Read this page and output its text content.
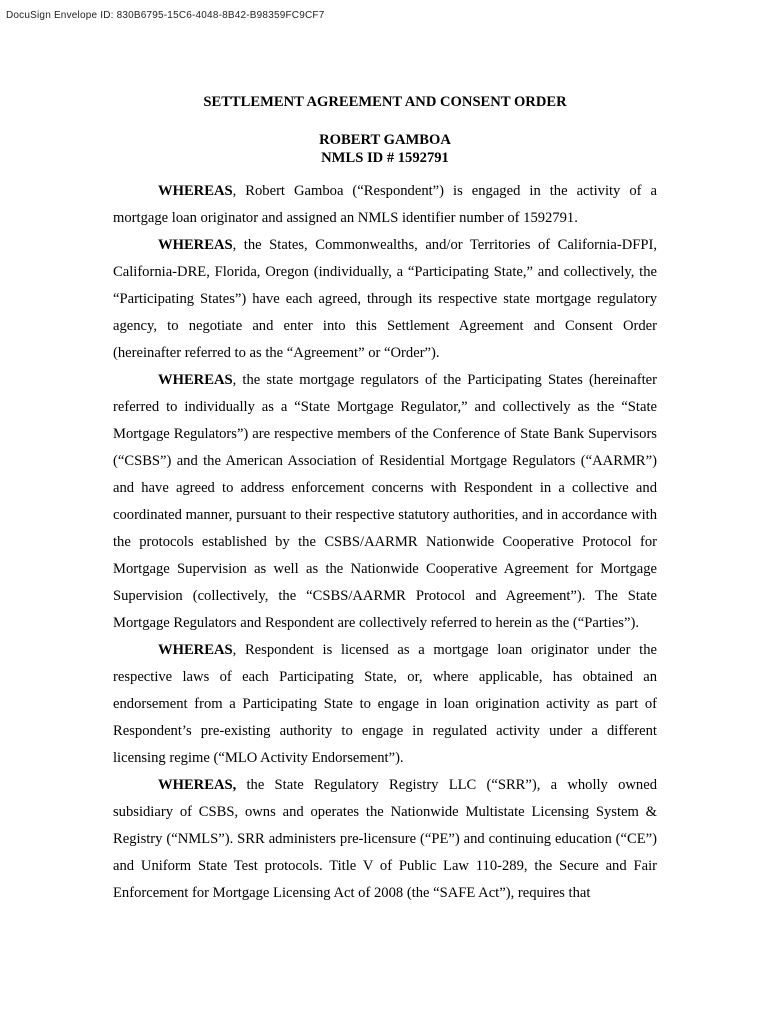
DocuSign Envelope ID: 830B6795-15C6-4048-8B42-B98359FC9CF7
SETTLEMENT AGREEMENT AND CONSENT ORDER
ROBERT GAMBOA
NMLS ID # 1592791

WHEREAS, Robert Gamboa (“Respondent”) is engaged in the activity of a mortgage loan originator and assigned an NMLS identifier number of 1592791.

WHEREAS, the States, Commonwealths, and/or Territories of California-DFPI, California-DRE, Florida, Oregon (individually, a “Participating State,” and collectively, the “Participating States”) have each agreed, through its respective state mortgage regulatory agency, to negotiate and enter into this Settlement Agreement and Consent Order (hereinafter referred to as the “Agreement” or “Order”).

WHEREAS, the state mortgage regulators of the Participating States (hereinafter referred to individually as a “State Mortgage Regulator,” and collectively as the “State Mortgage Regulators”) are respective members of the Conference of State Bank Supervisors (“CSBS”) and the American Association of Residential Mortgage Regulators (“AARMR”) and have agreed to address enforcement concerns with Respondent in a collective and coordinated manner, pursuant to their respective statutory authorities, and in accordance with the protocols established by the CSBS/AARMR Nationwide Cooperative Protocol for Mortgage Supervision as well as the Nationwide Cooperative Agreement for Mortgage Supervision (collectively, the “CSBS/AARMR Protocol and Agreement”). The State Mortgage Regulators and Respondent are collectively referred to herein as the (“Parties”).

WHEREAS, Respondent is licensed as a mortgage loan originator under the respective laws of each Participating State, or, where applicable, has obtained an endorsement from a Participating State to engage in loan origination activity as part of Respondent’s pre-existing authority to engage in regulated activity under a different licensing regime (“MLO Activity Endorsement”).

WHEREAS, the State Regulatory Registry LLC (“SRR”), a wholly owned subsidiary of CSBS, owns and operates the Nationwide Multistate Licensing System & Registry (“NMLS”). SRR administers pre-licensure (“PE”) and continuing education (“CE”) and Uniform State Test protocols. Title V of Public Law 110-289, the Secure and Fair Enforcement for Mortgage Licensing Act of 2008 (the “SAFE Act”), requires that
